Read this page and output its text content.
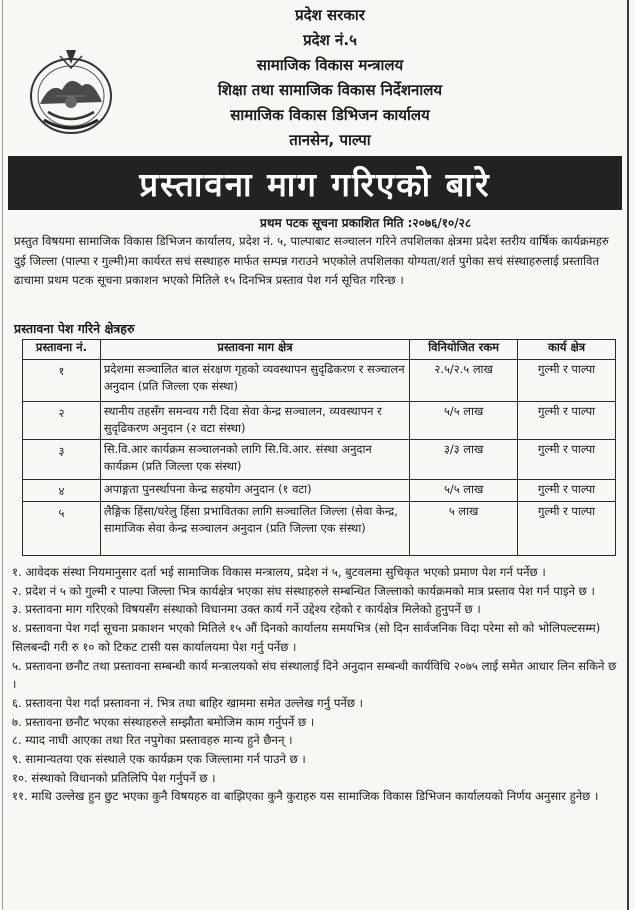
प्रदेश सरकार
प्रदेश नं.५
सामाजिक विकास मन्त्रालय
शिक्षा तथा सामाजिक विकास निर्देशनालय
सामाजिक विकास डिभिजन कार्यालय
तानसेन, पाल्पा
प्रस्तावना माग गरिएको बारे
प्रथम पटक सूचना प्रकाशित मिति :२०७६/१०/२८
प्रस्तुत विषयमा सामाजिक विकास डिभिजन कार्यालय, प्रदेश नं. ५, पाल्पाबाट सञ्चालन गरिने तपशिलका क्षेत्रमा प्रदेश स्तरीय वार्षिक कार्यक्रमहरु दुई जिल्ला (पाल्पा र गुल्मी)मा कार्यरत सचं सस्थाहरु मार्फत सम्पन्न गराउने भएकोले तपशिलका योग्यता/शर्त पुगेका सचं संस्थाहरुलाई प्रस्तावित ढाचामा प्रथम पटक सूचना प्रकाशन भएको मितिले १५ दिनभित्र प्रस्ताव पेश गर्न सूचित गरिन्छ ।
प्रस्तावना पेश गरिने क्षेत्रहरु
प्रस्तावना नं.	प्रस्तावना माग क्षेत्र	विनियोजित रकम	कार्य क्षेत्र
१	प्रदेशमा सञ्चालित बाल संरक्षण गृहको व्यवस्थापन सुदृढिकरण र सञ्चालन अनुदान (प्रति जिल्ला एक संस्था)	२.५/२.५ लाख	गुल्मी र पाल्पा
२	स्थानीय तहसँग समन्वय गरी दिवा सेवा केन्द्र सञ्चालन, व्यवस्थापन र सुदृढिकरण अनुदान (२ वटा संस्था)	५/५ लाख	गुल्मी र पाल्पा
३	सि.वि.आर कार्यक्रम सञ्चालनको लागि सि.वि.आर. संस्था अनुदान कार्यक्रम (प्रति जिल्ला एक संस्था)	३/३ लाख	गुल्मी र पाल्पा
४	अपाङ्गता पुनर्स्थापना केन्द्र सहयोग अनुदान (१ वटा)	५/५ लाख	गुल्मी र पाल्पा
५	लैङ्गिक हिंसा/घरेलु हिंसा प्रभावितका लागि सञ्चालित जिल्ला (सेवा केन्द्र, सामाजिक सेवा केन्द्र सञ्चालन अनुदान (प्रति जिल्ला एक संस्था)	५ लाख	गुल्मी र पाल्पा

१. आवेदक संस्था नियमानुसार दर्ता भई सामाजिक विकास मन्त्रालय, प्रदेश नं ५, बुटवलमा सुचिकृत भएको प्रमाण पेश गर्न पर्नेछ ।

२. प्रदेश नं ५ को गुल्मी र पाल्पा जिल्ला भित्र कार्यक्षेत्र भएका संघ संस्थाहरुले सम्बन्धित जिल्लाको कार्यक्रमको मात्र प्रस्ताव पेश गर्न पाइने छ ।

३. प्रस्तावना माग गरिएको विषयसँग संस्थाको विधानमा उक्त कार्य गर्ने उद्देश्य रहेको र कार्यक्षेत्र मिलेको हुनुपर्ने छ ।

४. प्रस्तावना पेश गर्दा सूचना प्रकाशन भएको मितिले १५ औं दिनको कार्यालय समयभित्र (सो दिन सार्वजनिक विदा परेमा सो को भोलिपल्टसम्म) सिलबन्दी गरी रु १० को टिकट टासी यस कार्यालयमा पेश गर्नु पर्नेछ ।

५. प्रस्तावना छनौट तथा प्रस्तावना सम्बन्धी कार्य मन्त्रालयको संघ संस्थालाई दिने अनुदान सम्बन्धी कार्यविधि २०७५ लाई समेत आधार लिन सकिने छ ।

६. प्रस्तावना पेश गर्दा प्रस्तावना नं. भित्र तथा बाहिर खाममा समेत उल्लेख गर्नु पर्नेछ ।

७. प्रस्तावना छनौट भएका संस्थाहरुले सम्झौता बमोजिम काम गर्नुपर्ने छ ।

८. म्याद नाघी आएका तथा रित नपुगेका प्रस्तावहरु मान्य हुने छैनन् ।

९. सामान्यतया एक संस्थाले एक कार्यक्रम एक जिल्लामा गर्न पाउने छ ।

१०. संस्थाको विधानको प्रतिलिपि पेश गर्नुपर्ने छ ।

११. माथि उल्लेख हुन छुट भएका कुनै विषयहरु वा बाझिएका कुनै कुराहरु यस सामाजिक विकास डिभिजन कार्यालयको निर्णय अनुसार हुनेछ ।
